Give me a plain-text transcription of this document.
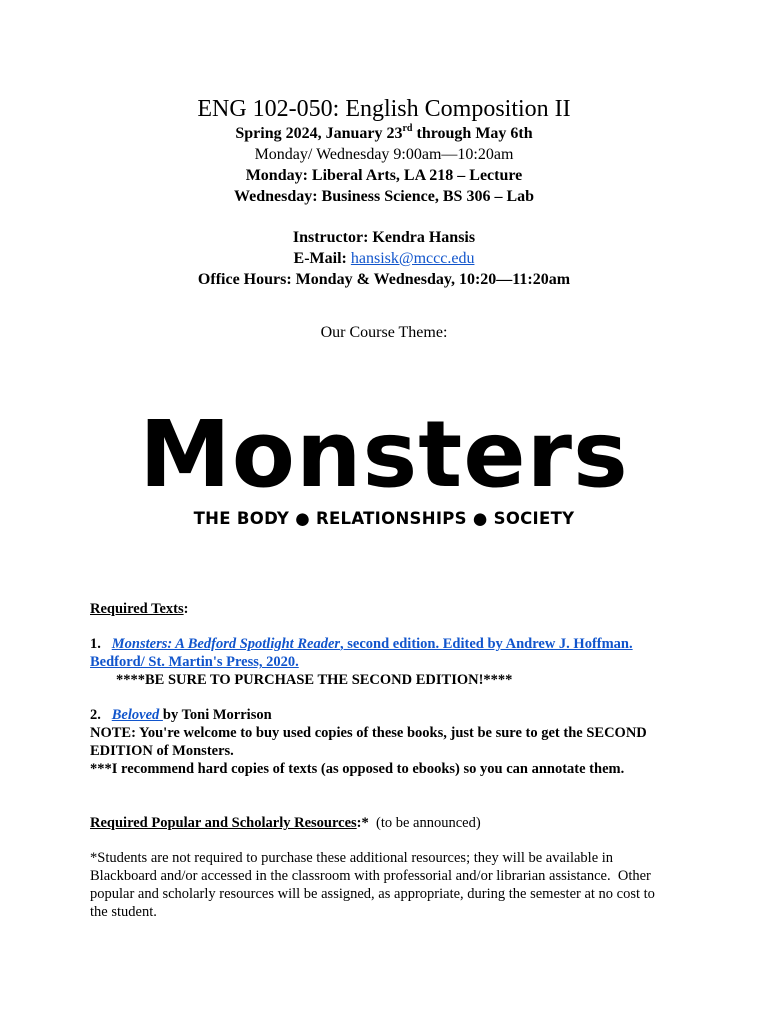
ENG 102-050: English Composition II
Spring 2024, January 23rd through May 6th
Monday/ Wednesday 9:00am—10:20am
Monday: Liberal Arts, LA 218 – Lecture
Wednesday: Business Science, BS 306 – Lab
Instructor: Kendra Hansis
E-Mail: hansisk@mccc.edu
Office Hours: Monday & Wednesday, 10:20—11:20am
Our Course Theme:
Monsters
THE BODY ● RELATIONSHIPS ● SOCIETY
Required Texts:
1. Monsters: A Bedford Spotlight Reader, second edition. Edited by Andrew J. Hoffman.
Bedford/ St. Martin's Press, 2020.
****BE SURE TO PURCHASE THE SECOND EDITION!****
2. Beloved by Toni Morrison
NOTE: You're welcome to buy used copies of these books, just be sure to get the SECOND
EDITION of Monsters.
***I recommend hard copies of texts (as opposed to ebooks) so you can annotate them.
Required Popular and Scholarly Resources:*  (to be announced)
*Students are not required to purchase these additional resources; they will be available in
Blackboard and/or accessed in the classroom with professorial and/or librarian assistance.  Other
popular and scholarly resources will be assigned, as appropriate, during the semester at no cost to
the student.
